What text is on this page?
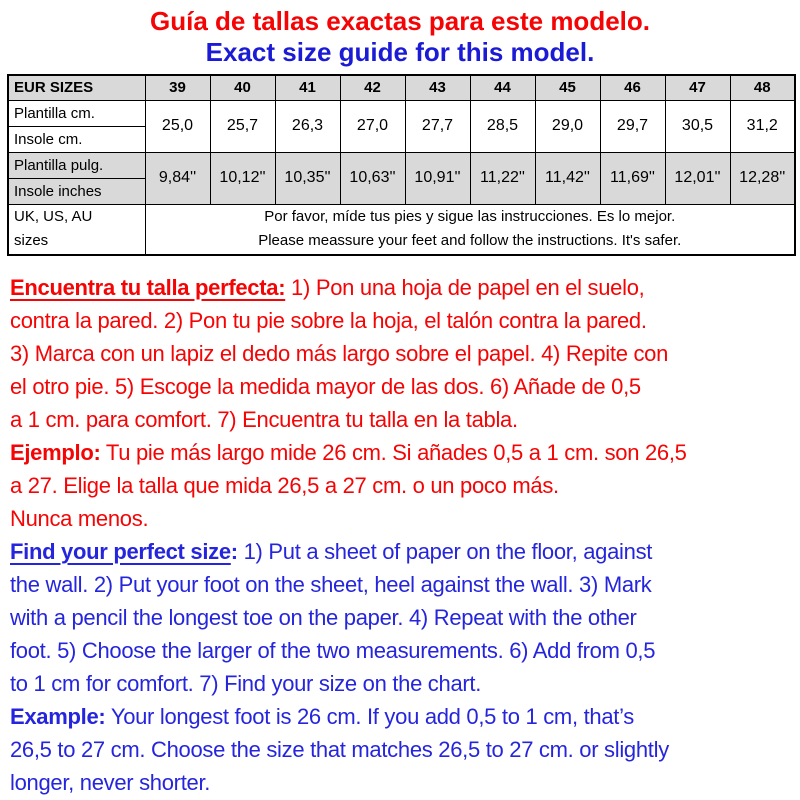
Guía de tallas exactas para este modelo.
Exact size guide for this model.
EUR SIZES	39	40	41	42	43	44	45	46	47	48
Plantilla cm.	25,0	25,7	26,3	27,0	27,7	28,5	29,0	29,7	30,5	31,2
Insole cm.										
Plantilla pulg.	9,84''	10,12''	10,35''	10,63''	10,91''	11,22''	11,42''	11,69''	12,01''	12,28''
Insole inches										

UK, US, AU
sizes

Por favor, míde tus pies y sigue las instrucciones. Es lo mejor.
Please meassure your feet and follow the instructions. It's safer.
Encuentra tu talla perfecta: 1) Pon una hoja de papel en el suelo,
contra la pared. 2) Pon tu pie sobre la hoja, el talón contra la pared.
3) Marca con un lapiz el dedo más largo sobre el papel. 4) Repite con
el otro pie. 5) Escoge la medida mayor de las dos. 6) Añade de 0,5
a 1 cm. para comfort. 7) Encuentra tu talla en la tabla.
Ejemplo: Tu pie más largo mide 26 cm. Si añades 0,5 a 1 cm. son 26,5
a 27. Elige la talla que mida 26,5 a 27 cm. o un poco más.
Nunca menos.
Find your perfect size: 1) Put a sheet of paper on the floor, against
the wall. 2) Put your foot on the sheet, heel against the wall. 3) Mark
with a pencil the longest toe on the paper. 4) Repeat with the other
foot. 5) Choose the larger of the two measurements. 6) Add from 0,5
to 1 cm for comfort. 7) Find your size on the chart.
Example: Your longest foot is 26 cm. If you add 0,5 to 1 cm, that’s
26,5 to 27 cm. Choose the size that matches 26,5 to 27 cm. or slightly
longer, never shorter.
